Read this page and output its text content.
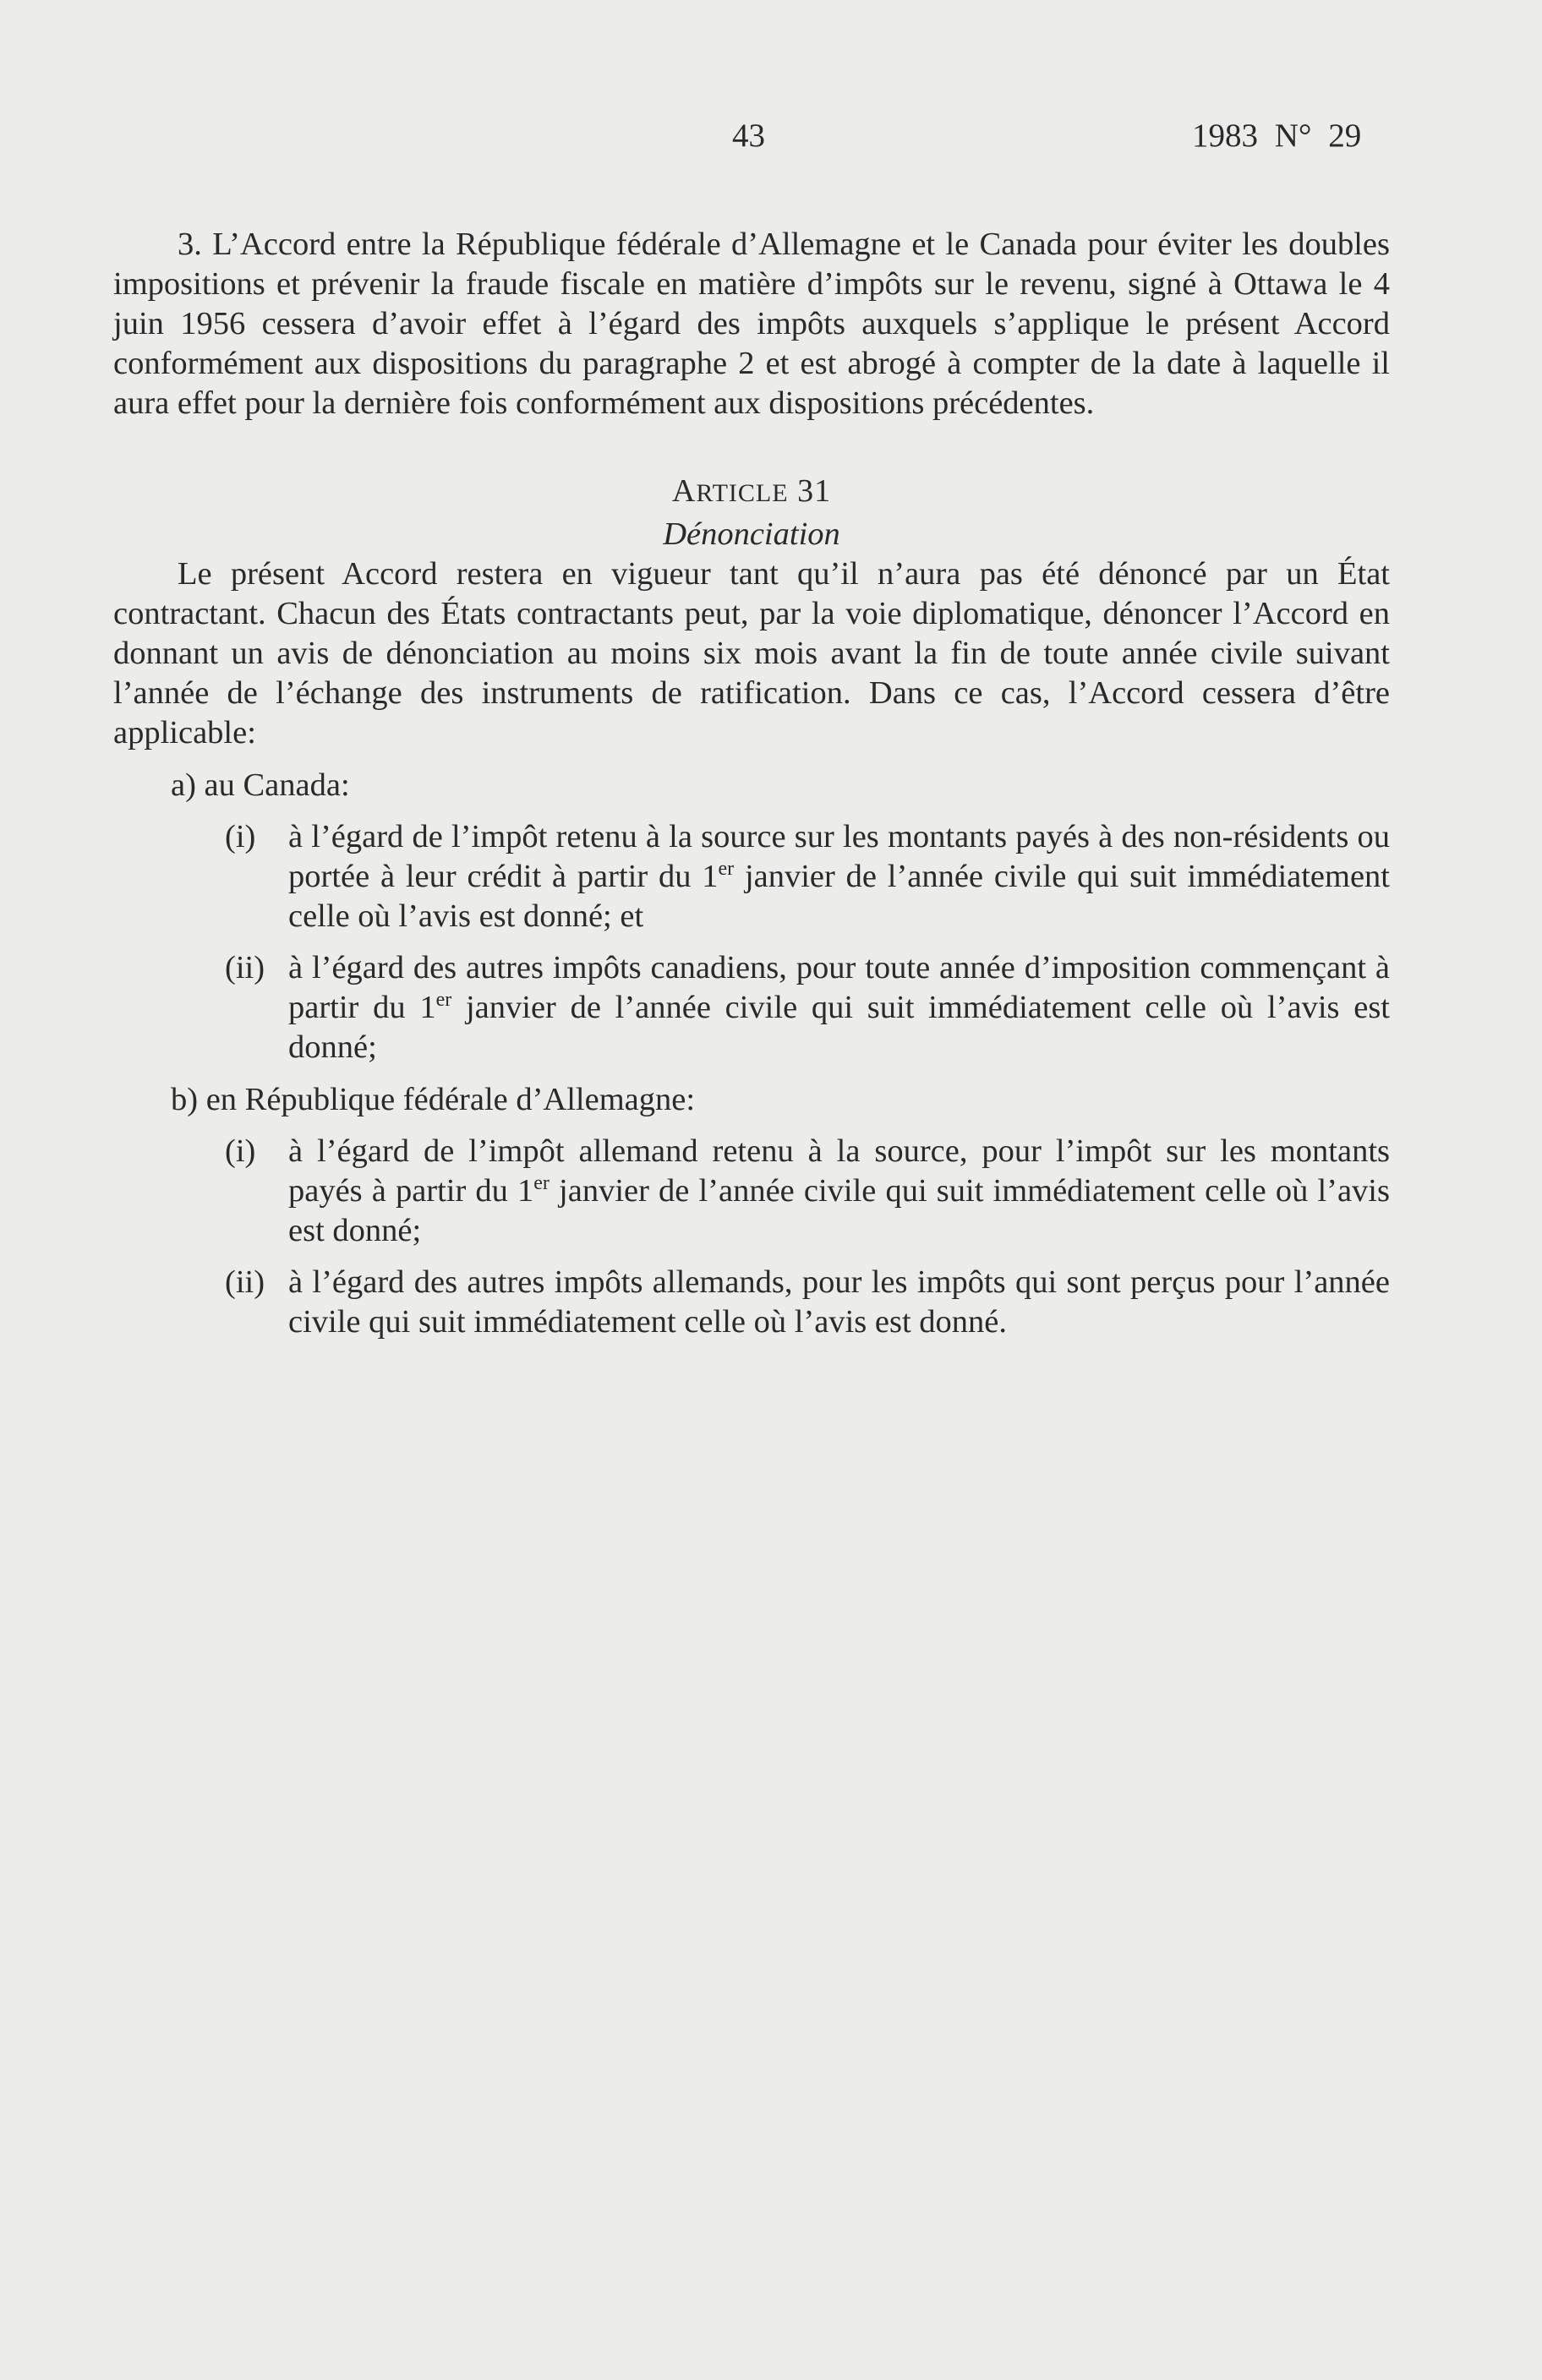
43	1983 N° 29

3. L’Accord entre la République fédérale d’Allemagne et le Canada pour éviter les doubles impositions et prévenir la fraude fiscale en matière d’impôts sur le revenu, signé à Ottawa le 4 juin 1956 cessera d’avoir effet à l’égard des impôts auxquels s’applique le présent Accord conformément aux dispositions du paragraphe 2 et est abrogé à compter de la date à laquelle il aura effet pour la dernière fois conformément aux dispositions précédentes.

ARTICLE 31
Dénonciation

Le présent Accord restera en vigueur tant qu’il n’aura pas été dénoncé par un État contractant. Chacun des États contractants peut, par la voie diplomatique, dénoncer l’Accord en donnant un avis de dénonciation au moins six mois avant la fin de toute année civile suivant l’année de l’échange des instruments de ratification. Dans ce cas, l’Accord cessera d’être applicable:

a) au Canada:
(i) à l’égard de l’impôt retenu à la source sur les montants payés à des non-résidents ou portée à leur crédit à partir du 1er janvier de l’année civile qui suit immédiatement celle où l’avis est donné; et
(ii) à l’égard des autres impôts canadiens, pour toute année d’imposition commençant à partir du 1er janvier de l’année civile qui suit immédiatement celle où l’avis est donné;
b) en République fédérale d’Allemagne:
(i) à l’égard de l’impôt allemand retenu à la source, pour l’impôt sur les montants payés à partir du 1er janvier de l’année civile qui suit immédiatement celle où l’avis est donné;
(ii) à l’égard des autres impôts allemands, pour les impôts qui sont perçus pour l’année civile qui suit immédiatement celle où l’avis est donné.
